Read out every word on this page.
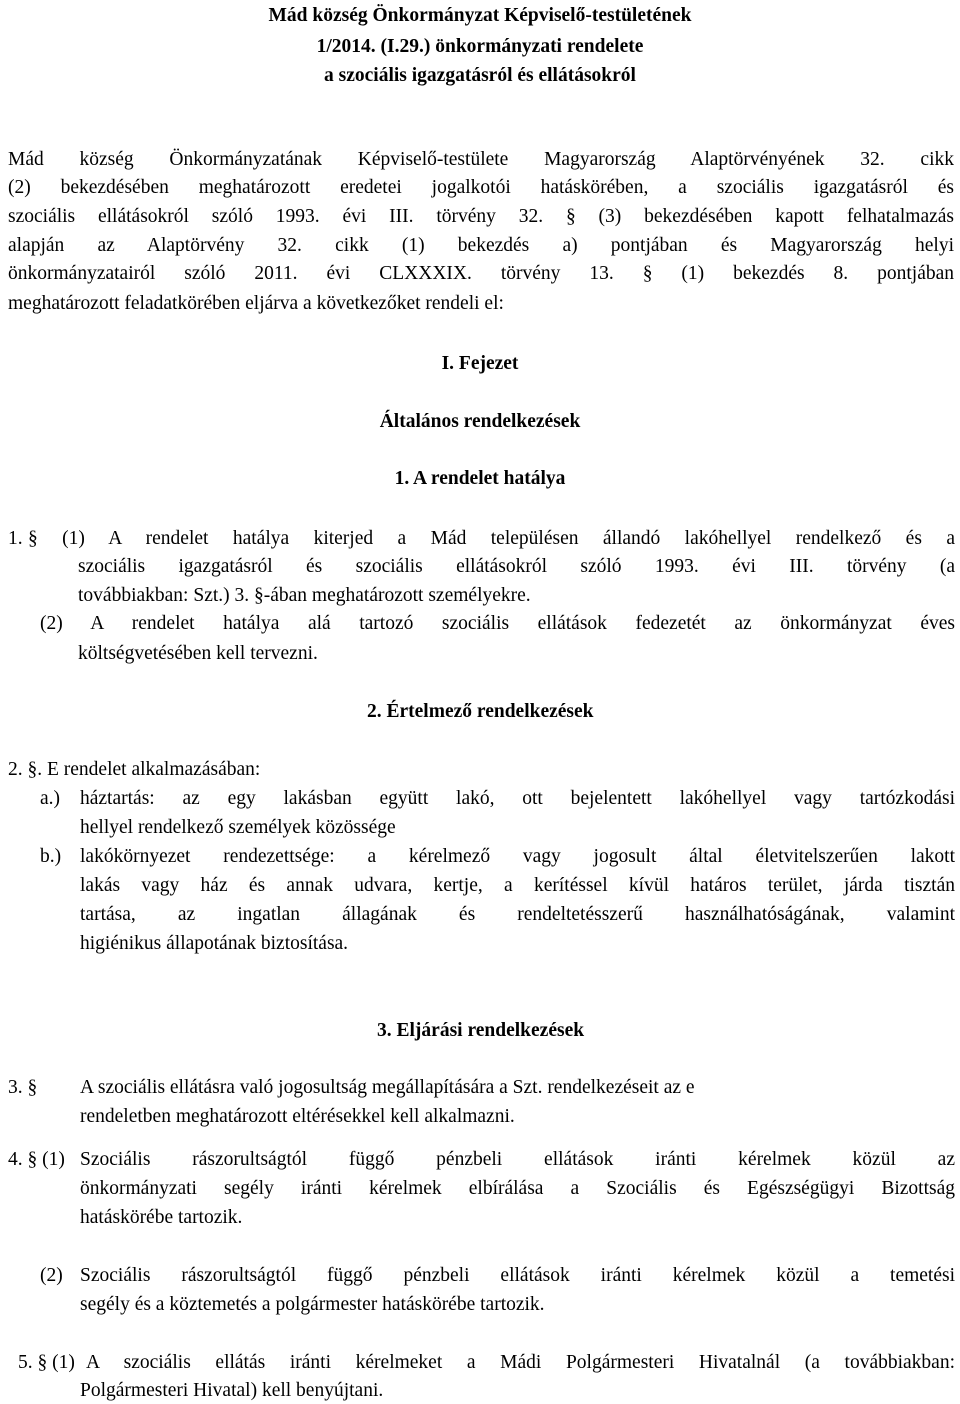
Mád község Önkormányzat Képviselő-testületének
1/2014. (I.29.) önkormányzati rendelete
a szociális igazgatásról és ellátásokról
Mád község Önkormányzatának Képviselő-testülete Magyarország Alaptörvényének 32. cikk
(2) bekezdésében meghatározott eredetei jogalkotói hatáskörében, a szociális igazgatásról és
szociális ellátásokról szóló 1993. évi III. törvény 32. § (3) bekezdésében kapott felhatalmazás
alapján az Alaptörvény 32. cikk (1) bekezdés a) pontjában és Magyarország helyi
önkormányzatairól szóló 2011. évi CLXXXIX. törvény 13. § (1) bekezdés 8. pontjában
meghatározott feladatkörében eljárva a következőket rendeli el:
I. Fejezet
Általános rendelkezések
1. A rendelet hatálya
1. § (1) A rendelet hatálya kiterjed a Mád településen állandó lakóhellyel rendelkező és a
szociális igazgatásról és szociális ellátásokról szóló 1993. évi III. törvény (a
továbbiakban: Szt.) 3. §-ában meghatározott személyekre.
(2) A rendelet hatálya alá tartozó szociális ellátások fedezetét az önkormányzat éves
költségvetésében kell tervezni.
2. Értelmező rendelkezések
2. §. E rendelet alkalmazásában:
a.) háztartás: az egy lakásban együtt lakó, ott bejelentett lakóhellyel vagy tartózkodási
hellyel rendelkező személyek közössége
b.) lakókörnyezet rendezettsége: a kérelmező vagy jogosult által életvitelszerűen lakott
lakás vagy ház és annak udvara, kertje, a kerítéssel kívül határos terület, járda tisztán
tartása, az ingatlan állagának és rendeltetésszerű használhatóságának, valamint
higiénikus állapotának biztosítása.
3. Eljárási rendelkezések
3. § A szociális ellátásra való jogosultság megállapítására a Szt. rendelkezéseit az e
rendeletben meghatározott eltérésekkel kell alkalmazni.
4. § (1) Szociális rászorultságtól függő pénzbeli ellátások iránti kérelmek közül az
önkormányzati segély iránti kérelmek elbírálása a Szociális és Egészségügyi Bizottság
hatáskörébe tartozik.
(2) Szociális rászorultságtól függő pénzbeli ellátások iránti kérelmek közül a temetési
segély és a köztemetés a polgármester hatáskörébe tartozik.
5. § (1) A szociális ellátás iránti kérelmeket a Mádi Polgármesteri Hivatalnál (a továbbiakban:
Polgármesteri Hivatal) kell benyújtani.
